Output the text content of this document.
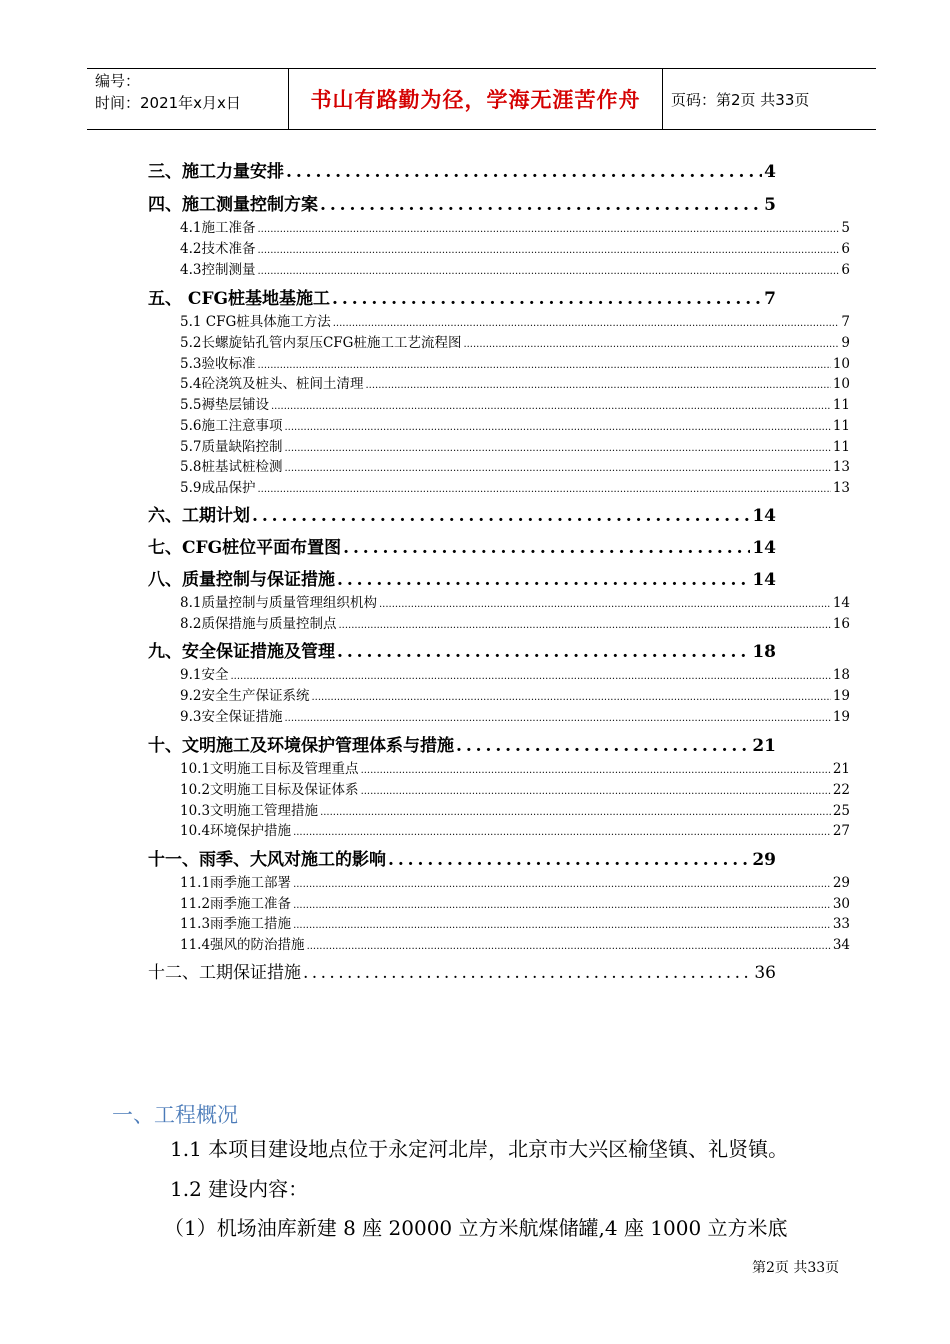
编号：
时间：2021年x月x日	书山有路勤为径，学海无涯苦作舟	页码：第2页 共33页
三、施工力量安排 . . .	4
四、施工测量控制方案 . . .	5
4.1施工准备 .....	5
4.2技术准备 .....	6
4.3控制测量 .....	6
五、 CFG桩基地基施工 . . .	7
5.1 CFG桩具体施工方法 .....	7
5.2长螺旋钻孔管内泵压CFG桩施工工艺流程图 .....	9
5.3验收标准 .....	10
5.4砼浇筑及桩头、桩间土清理 .....	10
5.5褥垫层铺设 .....	11
5.6施工注意事项 .....	11
5.7质量缺陷控制 .....	11
5.8桩基试桩检测 .....	13
5.9成品保护 .....	13
六、工期计划 . . .	14
七、CFG桩位平面布置图 . . .	14
八、质量控制与保证措施 . . .	14
8.1质量控制与质量管理组织机构 .....	14
8.2质保措施与质量控制点 .....	16
九、安全保证措施及管理 . . .	18
9.1安全 .....	18
9.2安全生产保证系统 .....	19
9.3安全保证措施 .....	19
十、文明施工及环境保护管理体系与措施 . . .	21
10.1文明施工目标及管理重点 .....	21
10.2文明施工目标及保证体系 .....	22
10.3文明施工管理措施 .....	25
10.4环境保护措施 .....	27
十一、雨季、大风对施工的影响 . . .	29
11.1雨季施工部署 .....	29
11.2雨季施工准备 .....	30
11.3雨季施工措施 .....	33
11.4强风的防治措施 .....	34
十二、工期保证措施 . . .	36
一、工程概况
1.1 本项目建设地点位于永定河北岸，北京市大兴区榆垡镇、礼贤镇。
1.2 建设内容：
（1）机场油库新建 8 座 20000 立方米航煤储罐,4 座 1000 立方米底
第2页 共33页
